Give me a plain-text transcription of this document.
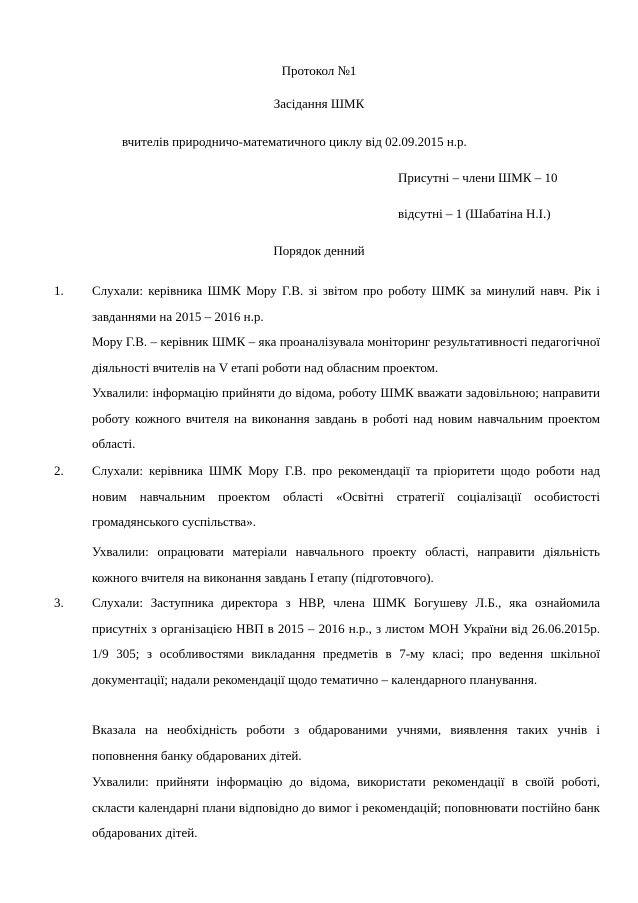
Протокол №1
Засідання ШМК
вчителів природничо-математичного циклу від 02.09.2015 н.р.
Присутні – члени ШМК – 10
відсутні – 1 (Шабатіна Н.І.)
Порядок денний
1. Слухали: керівника ШМК Мору Г.В. зі звітом про роботу ШМК за минулий навч. Рік і завданнями на 2015 – 2016 н.р.
Мору Г.В. – керівник ШМК – яка проаналізувала моніторинг результативності педагогічної діяльності вчителів на V етапі роботи над обласним проектом.
Ухвалили: інформацію прийняти до відома, роботу ШМК вважати задовільною; направити роботу кожного вчителя на виконання завдань в роботі над новим навчальним проектом області.
2. Слухали: керівника ШМК Мору Г.В. про рекомендації та пріоритети щодо роботи над новим навчальним проектом області «Освітні стратегії соціалізації особистості громадянського суспільства».
Ухвалили: опрацювати матеріали навчального проекту області, направити діяльність кожного вчителя на виконання завдань I етапу (підготовчого).
3. Слухали: Заступника директора з НВР, члена ШМК Богушеву Л.Б., яка ознайомила присутніх з організацією НВП в 2015 – 2016 н.р., з листом МОН України від 26.06.2015р. 1/9 305; з особливостями викладання предметів в 7-му класі; про ведення шкільної документації; надали рекомендації щодо тематично – календарного планування.
Вказала на необхідність роботи з обдарованими учнями, виявлення таких учнів і поповнення банку обдарованих дітей.
Ухвалили: прийняти інформацію до відома, використати рекомендації в своїй роботі, скласти календарні плани відповідно до вимог і рекомендацій; поповнювати постійно банк обдарованих дітей.
